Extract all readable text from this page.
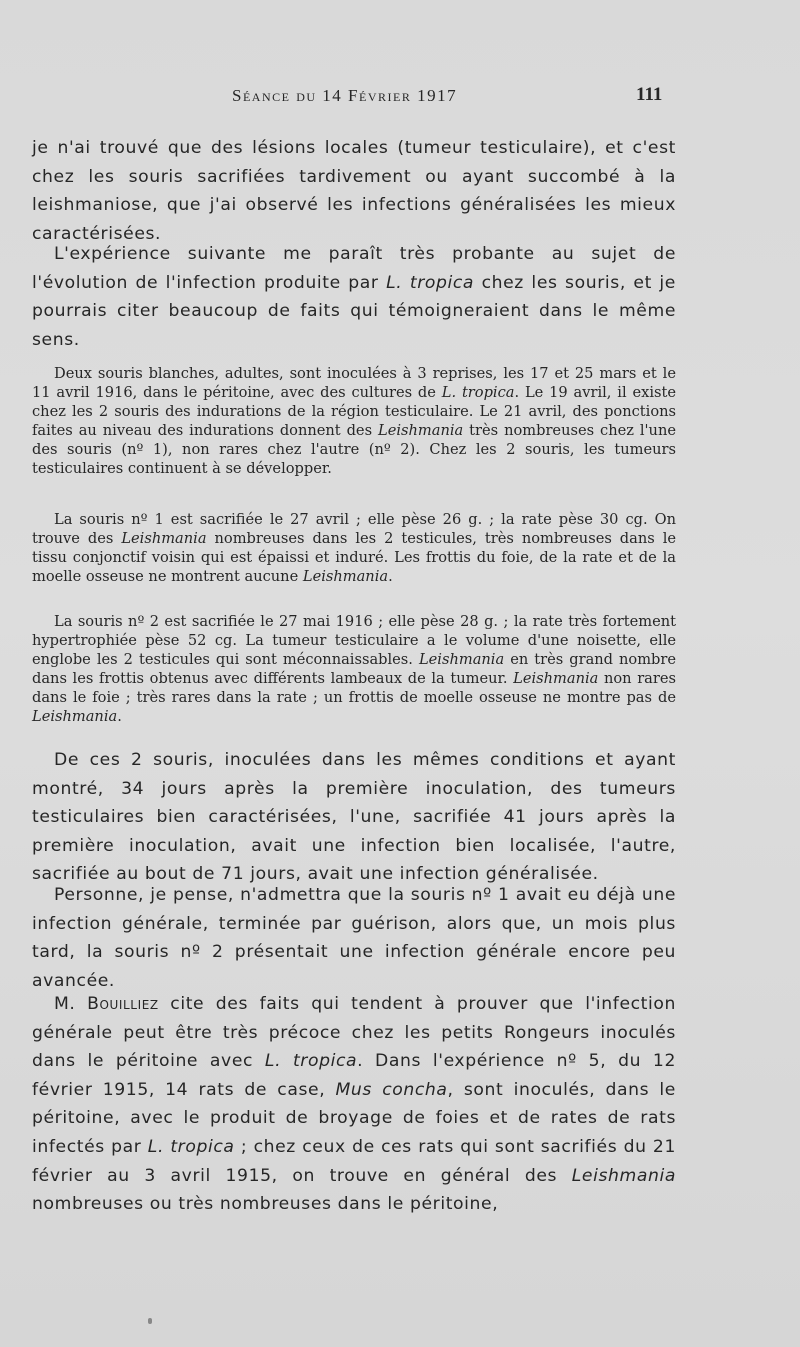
Séance du 14 Février 1917	111

je n'ai trouvé que des lésions locales (tumeur testiculaire), et c'est chez les souris sacrifiées tardivement ou ayant succombé à la leishmaniose, que j'ai observé les infections généralisées les mieux caractérisées.

L'expérience suivante me paraît très probante au sujet de l'évolution de l'infection produite par L. tropica chez les souris, et je pourrais citer beaucoup de faits qui témoigneraient dans le même sens.

Deux souris blanches, adultes, sont inoculées à 3 reprises, les 17 et 25 mars et le 11 avril 1916, dans le péritoine, avec des cultures de L. tropica. Le 19 avril, il existe chez les 2 souris des indurations de la région testiculaire. Le 21 avril, des ponctions faites au niveau des indurations donnent des Leishmania très nombreuses chez l'une des souris (nº 1), non rares chez l'autre (nº 2). Chez les 2 souris, les tumeurs testiculaires continuent à se développer.

La souris nº 1 est sacrifiée le 27 avril ; elle pèse 26 g. ; la rate pèse 30 cg. On trouve des Leishmania nombreuses dans les 2 testicules, très nombreuses dans le tissu conjonctif voisin qui est épaissi et induré. Les frottis du foie, de la rate et de la moelle osseuse ne montrent aucune Leishmania.

La souris nº 2 est sacrifiée le 27 mai 1916 ; elle pèse 28 g. ; la rate très fortement hypertrophiée pèse 52 cg. La tumeur testiculaire a le volume d'une noisette, elle englobe les 2 testicules qui sont méconnaissables. Leishmania en très grand nombre dans les frottis obtenus avec différents lambeaux de la tumeur. Leishmania non rares dans le foie ; très rares dans la rate ; un frottis de moelle osseuse ne montre pas de Leishmania.

De ces 2 souris, inoculées dans les mêmes conditions et ayant montré, 34 jours après la première inoculation, des tumeurs testiculaires bien caractérisées, l'une, sacrifiée 41 jours après la première inoculation, avait une infection bien localisée, l'autre, sacrifiée au bout de 71 jours, avait une infection généralisée.

Personne, je pense, n'admettra que la souris nº 1 avait eu déjà une infection générale, terminée par guérison, alors que, un mois plus tard, la souris nº 2 présentait une infection générale encore peu avancée.

M. Bouilliez cite des faits qui tendent à prouver que l'infection générale peut être très précoce chez les petits Rongeurs inoculés dans le péritoine avec L. tropica. Dans l'expérience nº 5, du 12 février 1915, 14 rats de case, Mus concha, sont inoculés, dans le péritoine, avec le produit de broyage de foies et de rates de rats infectés par L. tropica ; chez ceux de ces rats qui sont sacrifiés du 21 février au 3 avril 1915, on trouve en général des Leishmania nombreuses ou très nombreuses dans le péritoine,
